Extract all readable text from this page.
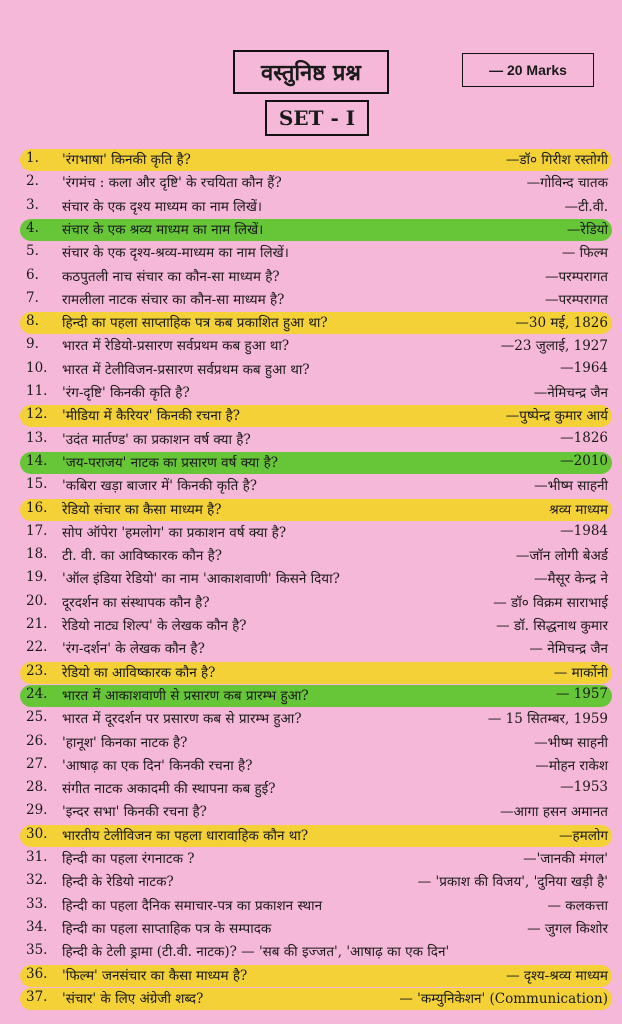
वस्तुनिष्ठ प्रश्न	— 20 Marks
SET - I
1.	'रंगभाषा' किनकी कृति है?	—डॉ० गिरीश रस्तोगी
2.	'रंगमंच : कला और दृष्टि' के रचयिता कौन हैं?	—गोविन्द चातक
3.	संचार के एक दृश्य माध्यम का नाम लिखें।	—टी.वी.
4.	संचार के एक श्रव्य माध्यम का नाम लिखें।	—रेडियो
5.	संचार के एक दृश्य-श्रव्य-माध्यम का नाम लिखें।	— फिल्म
6.	कठपुतली नाच संचार का कौन-सा माध्यम है?	—परम्परागत
7.	रामलीला नाटक संचार का कौन-सा माध्यम है?	—परम्परागत
8.	हिन्दी का पहला साप्ताहिक पत्र कब प्रकाशित हुआ था?	—30 मई, 1826
9.	भारत में रेडियो-प्रसारण सर्वप्रथम कब हुआ था?	—23 जुलाई, 1927
10.	भारत में टेलीविजन-प्रसारण सर्वप्रथम कब हुआ था?	—1964
11.	'रंग-दृष्टि' किनकी कृति है?	—नेमिचन्द्र जैन
12.	'मीडिया में कैरियर' किनकी रचना है?	—पुष्पेन्द्र कुमार आर्य
13.	'उदंत मार्तण्ड' का प्रकाशन वर्ष क्या है?	—1826
14.	'जय-पराजय' नाटक का प्रसारण वर्ष क्या है?	—2010
15.	'कबिरा खड़ा बाजार में' किनकी कृति है?	—भीष्म साहनी
16.	रेडियो संचार का कैसा माध्यम है?	श्रव्य माध्यम
17.	सोप ऑपेरा 'हमलोग' का प्रकाशन वर्ष क्या है?	—1984
18.	टी. वी. का आविष्कारक कौन है?	—जॉन लोगी बेअर्ड
19.	'ऑल इंडिया रेडियो' का नाम 'आकाशवाणी' किसने दिया?	—मैसूर केन्द्र ने
20.	दूरदर्शन का संस्थापक कौन है?	— डॉ० विक्रम साराभाई
21.	रेडियो नाट्य शिल्प' के लेखक कौन है?	— डॉ. सिद्धनाथ कुमार
22.	'रंग-दर्शन' के लेखक कौन है?	— नेमिचन्द्र जैन
23.	रेडियो का आविष्कारक कौन है?	— मार्कोनी
24.	भारत में आकाशवाणी से प्रसारण कब प्रारम्भ हुआ?	— 1957
25.	भारत में दूरदर्शन पर प्रसारण कब से प्रारम्भ हुआ?	— 15 सितम्बर, 1959
26.	'हानूश' किनका नाटक है?	—भीष्म साहनी
27.	'आषाढ़ का एक दिन' किनकी रचना है?	—मोहन राकेश
28.	संगीत नाटक अकादमी की स्थापना कब हुई?	—1953
29.	'इन्दर सभा' किनकी रचना है?	—आगा हसन अमानत
30.	भारतीय टेलीविजन का पहला धारावाहिक कौन था?	—हमलोग
31.	हिन्दी का पहला रंगनाटक ?	—'जानकी मंगल'
32.	हिन्दी के रेडियो नाटक?	— 'प्रकाश की विजय', 'दुनिया खड़ी है'
33.	हिन्दी का पहला दैनिक समाचार-पत्र का प्रकाशन स्थान	— कलकत्ता
34.	हिन्दी का पहला साप्ताहिक पत्र के सम्पादक	— जुगल किशोर
35.	हिन्दी के टेली ड्रामा (टी.वी. नाटक)? — 'सब की इज्जत', 'आषाढ़ का एक दिन'
36.	'फिल्म' जनसंचार का कैसा माध्यम है?	— दृश्य-श्रव्य माध्यम
37.	'संचार' के लिए अंग्रेजी शब्द?	— 'कम्युनिकेशन' (Communication)
